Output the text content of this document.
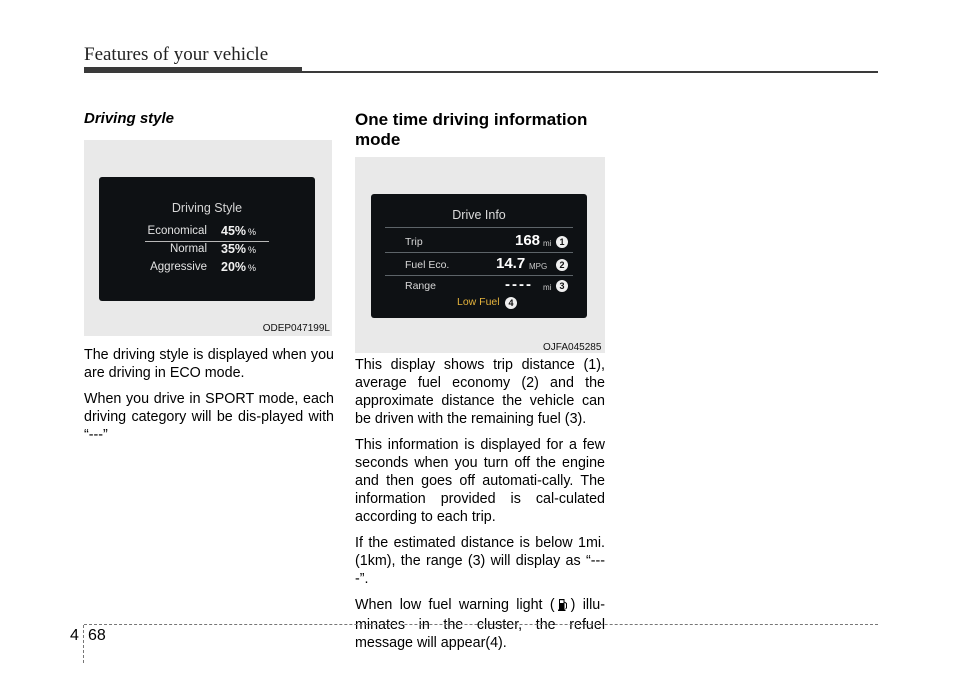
Features of your vehicle
Driving style
Driving Style
Economical 45% %
Normal 35% %
Aggressive 20% %
ODEP047199L

The driving style is displayed when you are driving in ECO mode.

When you drive in SPORT mode, each driving category will be dis-played with “---”

One time driving information mode
Drive Info
Trip	168 mi 1
Fuel Eco.	14.7 MPG	2
Range	---- mi 3
Low Fuel 4
OJFA045285

This display shows trip distance (1), average fuel economy (2) and the approximate distance the vehicle can be driven with the remaining fuel (3).

This information is displayed for a few seconds when you turn off the engine and then goes off automati-cally. The information provided is cal-culated according to each trip.

If the estimated distance is below 1mi. (1km), the range (3) will display as “----”.

When low fuel warning light ( ) illu-minates in the cluster, the refuel message will appear(4).

4 68
